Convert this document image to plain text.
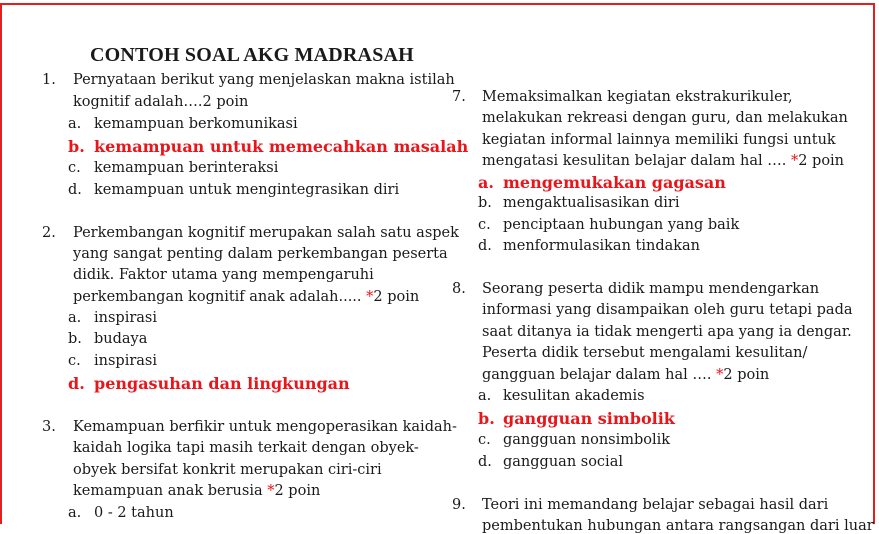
CONTOH SOAL AKG MADRASAH
1. Pernyataan berikut yang menjelaskan makna istilah
kognitif adalah….2 poin
a. kemampuan berkomunikasi
b. kemampuan untuk memecahkan masalah
c. kemampuan berinteraksi
d. kemampuan untuk mengintegrasikan diri
2. Perkembangan kognitif merupakan salah satu aspek
yang sangat penting dalam perkembangan peserta
didik. Faktor utama yang mempengaruhi
perkembangan kognitif anak adalah..... *2 poin
a. inspirasi
b. budaya
c. inspirasi
d. pengasuhan dan lingkungan
3. Kemampuan berfikir untuk mengoperasikan kaidah-
kaidah logika tapi masih terkait dengan obyek-
obyek bersifat konkrit merupakan ciri-ciri
kemampuan anak berusia *2 poin
a. 0 - 2 tahun
7. Memaksimalkan kegiatan ekstrakurikuler,
melakukan rekreasi dengan guru, dan melakukan
kegiatan informal lainnya memiliki fungsi untuk
mengatasi kesulitan belajar dalam hal …. *2 poin
a. mengemukakan gagasan
b. mengaktualisasikan diri
c. penciptaan hubungan yang baik
d. menformulasikan tindakan
8. Seorang peserta didik mampu mendengarkan
informasi yang disampaikan oleh guru tetapi pada
saat ditanya ia tidak mengerti apa yang ia dengar.
Peserta didik tersebut mengalami kesulitan/
gangguan belajar dalam hal …. *2 poin
a. kesulitan akademis
b. gangguan simbolik
c. gangguan nonsimbolik
d. gangguan social
9. Teori ini memandang belajar sebagai hasil dari
pembentukan hubungan antara rangsangan dari luar
